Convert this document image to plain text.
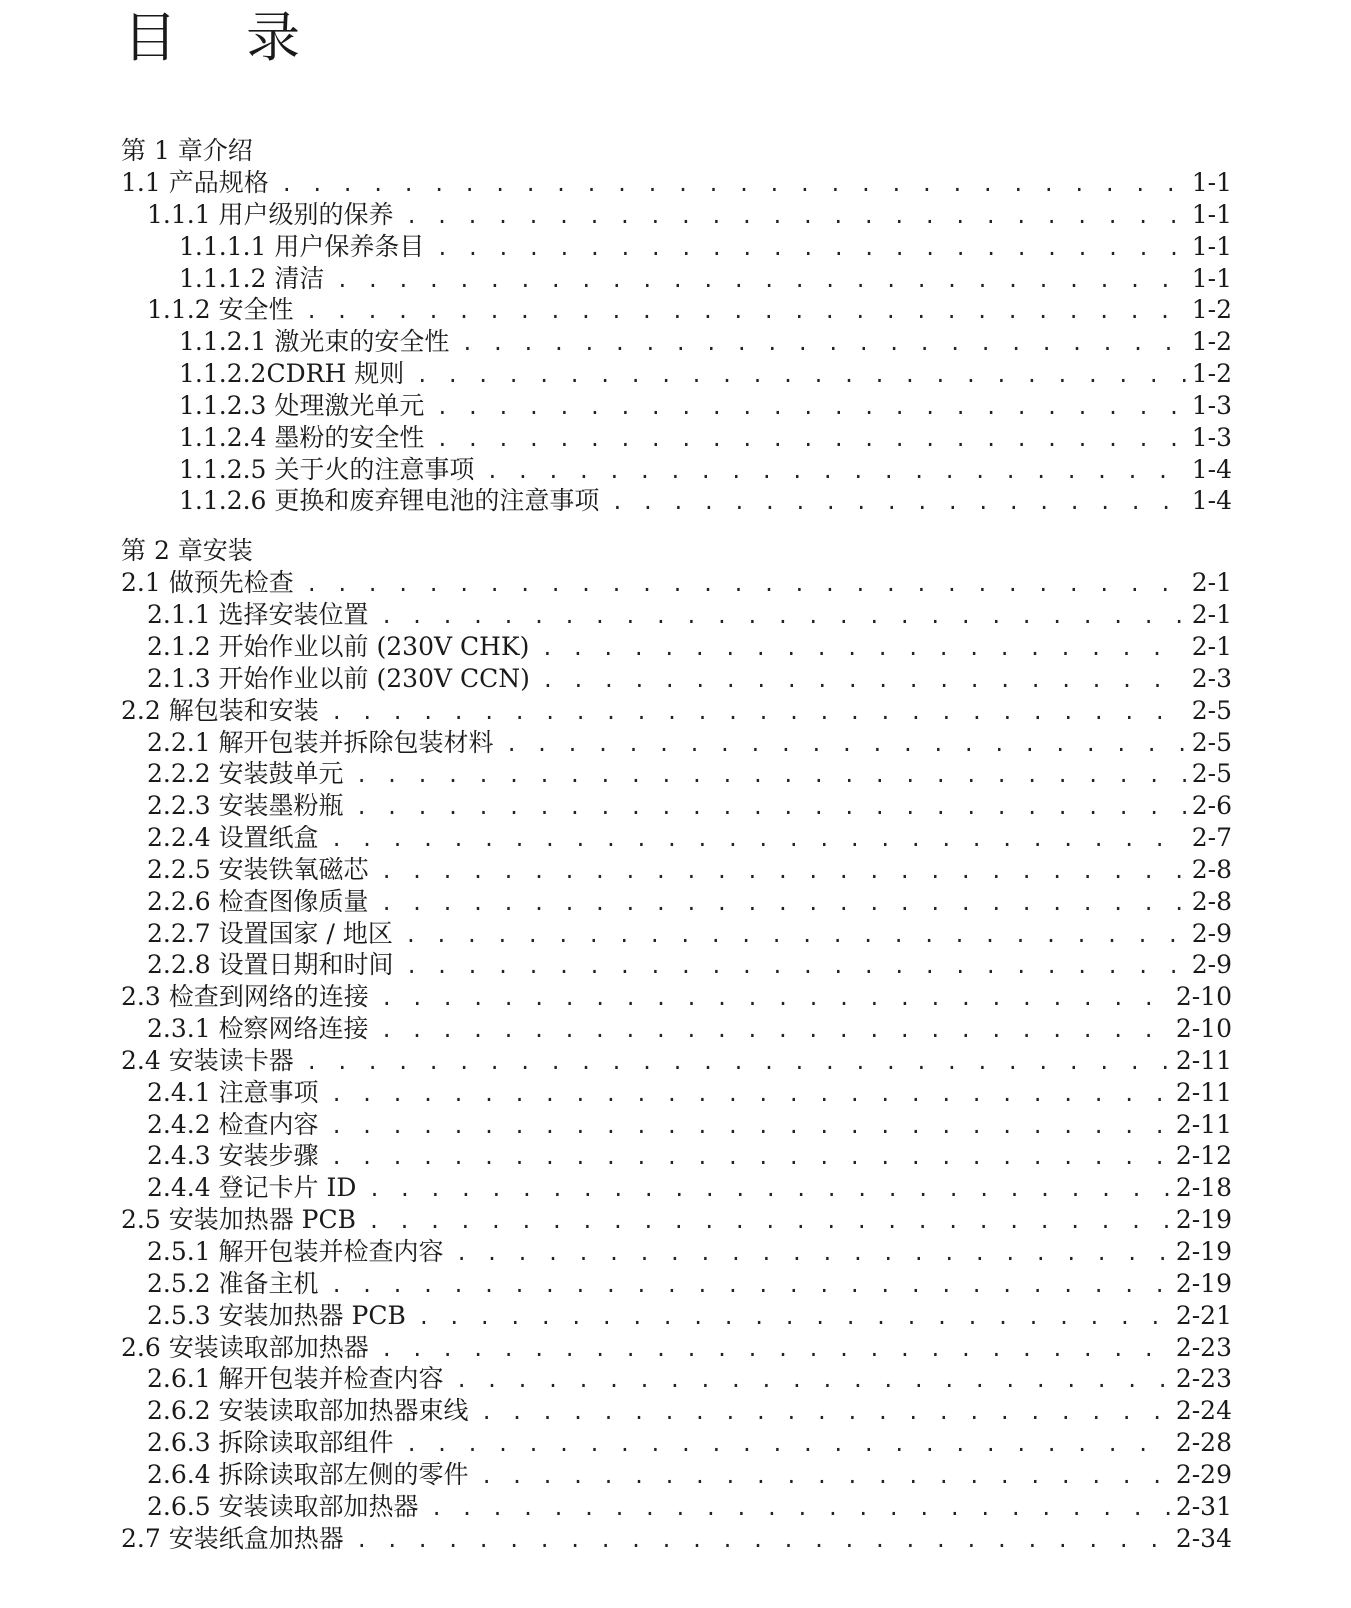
目 录
第 1 章介绍
1.1 产品规格 . . .	1-1
1.1.1 用户级别的保养 . . .	1-1
1.1.1.1 用户保养条目 . . .	1-1
1.1.1.2 清洁 . . .	1-1
1.1.2 安全性 . . .	1-2
1.1.2.1 激光束的安全性 . . .	1-2
1.1.2.2CDRH 规则 . . .	1-2
1.1.2.3 处理激光单元 . . .	1-3
1.1.2.4 墨粉的安全性 . . .	1-3
1.1.2.5 关于火的注意事项 . . .	1-4
1.1.2.6 更换和废弃锂电池的注意事项 . . .	1-4
第 2 章安装
2.1 做预先检查 . . .	2-1
2.1.1 选择安装位置 . . .	2-1
2.1.2 开始作业以前 (230V CHK) . . .	2-1
2.1.3 开始作业以前 (230V CCN) . . .	2-3
2.2 解包装和安装 . . .	2-5
2.2.1 解开包装并拆除包装材料 . . .	2-5
2.2.2 安装鼓单元 . . .	2-5
2.2.3 安装墨粉瓶 . . .	2-6
2.2.4 设置纸盒 . . .	2-7
2.2.5 安装铁氧磁芯 . . .	2-8
2.2.6 检查图像质量 . . .	2-8
2.2.7 设置国家 / 地区 . . .	2-9
2.2.8 设置日期和时间 . . .	2-9
2.3 检查到网络的连接 . . .	2-10
2.3.1 检察网络连接 . . .	2-10
2.4 安装读卡器 . . .	2-11
2.4.1 注意事项 . . .	2-11
2.4.2 检查内容 . . .	2-11
2.4.3 安装步骤 . . .	2-12
2.4.4 登记卡片 ID . . .	2-18
2.5 安装加热器 PCB . . .	2-19
2.5.1 解开包装并检查内容 . . .	2-19
2.5.2 准备主机 . . .	2-19
2.5.3 安装加热器 PCB . . .	2-21
2.6 安装读取部加热器 . . .	2-23
2.6.1 解开包装并检查内容 . . .	2-23
2.6.2 安装读取部加热器束线 . . .	2-24
2.6.3 拆除读取部组件 . . .	2-28
2.6.4 拆除读取部左侧的零件 . . .	2-29
2.6.5 安装读取部加热器 . . .	2-31
2.7 安装纸盒加热器 . . .	2-34
